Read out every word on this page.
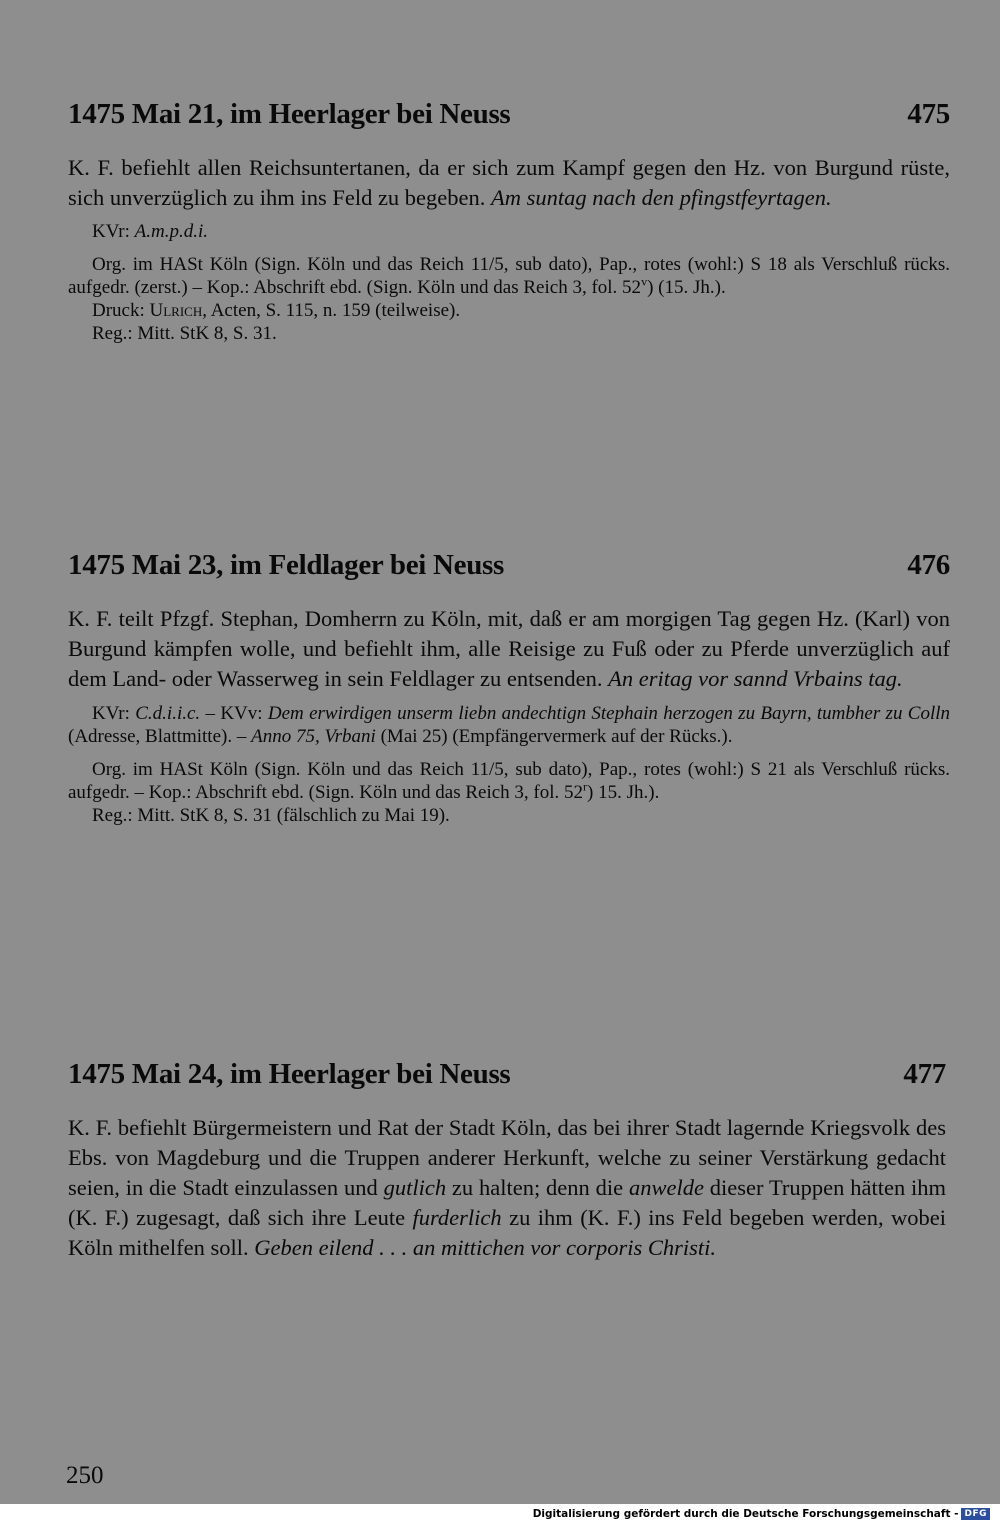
1475 Mai 21, im Heerlager bei Neuss	475
K. F. befiehlt allen Reichsuntertanen, da er sich zum Kampf gegen den Hz. von Burgund rüste, sich unverzüglich zu ihm ins Feld zu begeben. Am suntag nach den pfingstfeyrtagen.
KVr: A.m.p.d.i.
Org. im HASt Köln (Sign. Köln und das Reich 11/5, sub dato), Pap., rotes (wohl:) S 18 als Verschluß rücks. aufgedr. (zerst.) – Kop.: Abschrift ebd. (Sign. Köln und das Reich 3, fol. 52$^v$) (15. Jh.).
Druck: Ulrich, Acten, S. 115, n. 159 (teilweise).
Reg.: Mitt. StK 8, S. 31.
1475 Mai 23, im Feldlager bei Neuss	476
K. F. teilt Pfzgf. Stephan, Domherrn zu Köln, mit, daß er am morgigen Tag gegen Hz. (Karl) von Burgund kämpfen wolle, und befiehlt ihm, alle Reisige zu Fuß oder zu Pferde unverzüglich auf dem Land- oder Wasserweg in sein Feldlager zu entsenden. An eritag vor sannd Vrbains tag.
KVr: C.d.i.i.c. – KVv: Dem erwirdigen unserm liebn andechtign Stephain herzogen zu Bayrn, tumbher zu Colln (Adresse, Blattmitte). – Anno 75, Vrbani (Mai 25) (Empfängervermerk auf der Rücks.).
Org. im HASt Köln (Sign. Köln und das Reich 11/5, sub dato), Pap., rotes (wohl:) S 21 als Verschluß rücks. aufgedr. – Kop.: Abschrift ebd. (Sign. Köln und das Reich 3, fol. 52$^r$) 15. Jh.).
Reg.: Mitt. StK 8, S. 31 (fälschlich zu Mai 19).
1475 Mai 24, im Heerlager bei Neuss	477
K. F. befiehlt Bürgermeistern und Rat der Stadt Köln, das bei ihrer Stadt lagernde Kriegsvolk des Ebs. von Magdeburg und die Truppen anderer Herkunft, welche zu seiner Verstärkung gedacht seien, in die Stadt einzulassen und gutlich zu halten; denn die anwelde dieser Truppen hätten ihm (K. F.) zugesagt, daß sich ihre Leute furderlich zu ihm (K. F.) ins Feld begeben werden, wobei Köln mithelfen soll. Geben eilend . . . an mittichen vor corporis Christi.
250
Digitalisierung gefördert durch die Deutsche Forschungsgemeinschaft - DFG
